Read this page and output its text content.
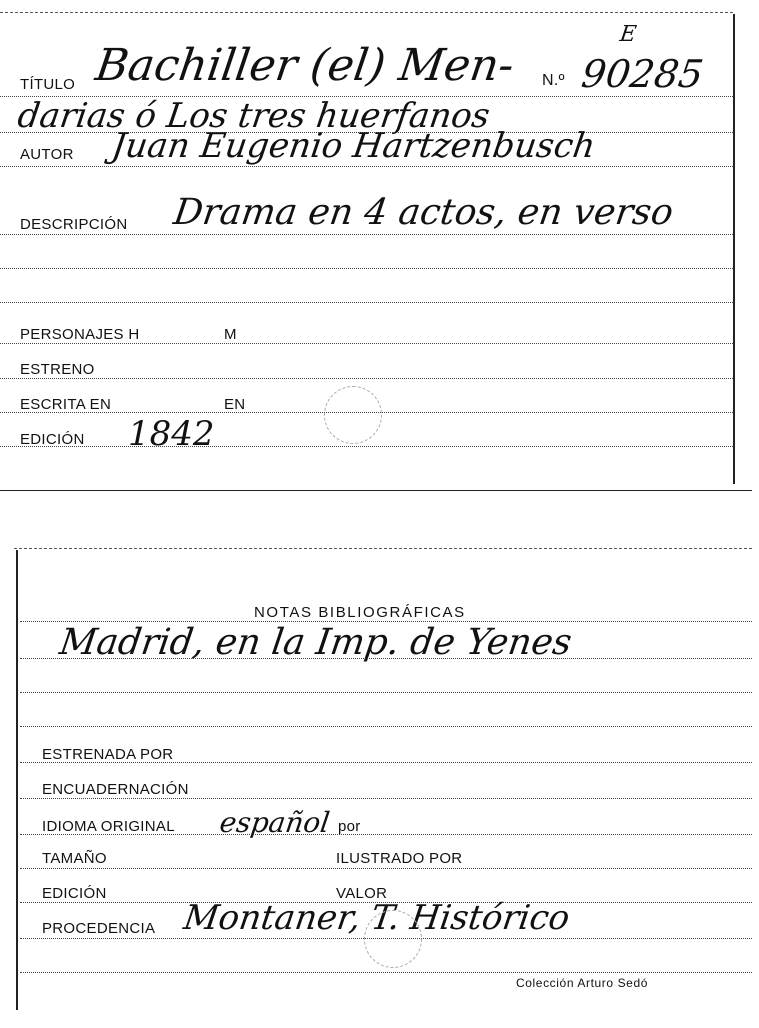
TÍTULO Bachiller (el) Men- N.º 90285
E
darias ó Los tres huerfanos
AUTOR Juan Eugenio Hartzenbusch
DESCRIPCIÓN Drama en 4 actos, en verso
PERSONAJES H	M
ESTRENO
ESCRITA EN	EN
EDICIÓN 1842
NOTAS BIBLIOGRÁFICAS
Madrid, en la Imp. de Yenes
ESTRENADA POR
ENCUADERNACIÓN
IDIOMA ORIGINAL español por
TAMAÑO	ILUSTRADO POR
EDICIÓN	VALOR
PROCEDENCIA Montaner, T. Histórico
Colección Arturo Sedó
